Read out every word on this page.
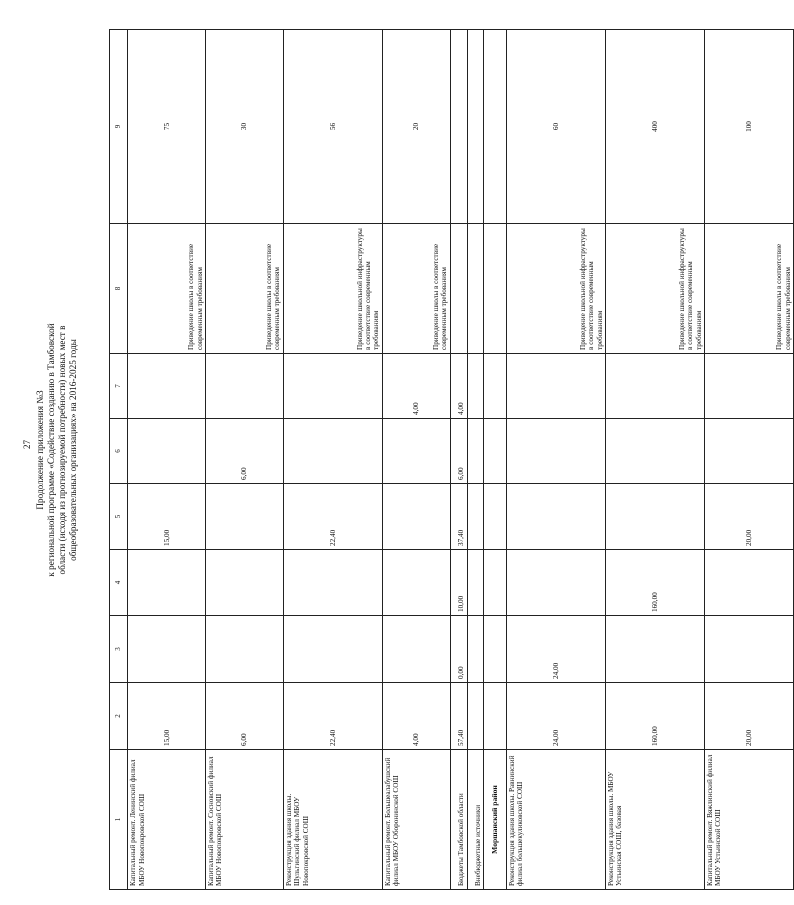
27 Продолжение приложения №3 к региональной программе «Содействие созданию в Тамбовской области (исходя из прогнозируемой потребности) новых мест в общеобразовательных организациях» на 2016-2025 годы
1	2	3	4	5	6	7	8	9
Капитальный ремонт. Ленинский филиал МБОУ Новопокровской СОШ	15,00			15,00			Приведение школы в соответствие современным требованиям	75
Капитальный ремонт. Сосновский филиал МБОУ Новопокровской СОШ	6,00				6,00		Приведение школы в соответствие современным требованиям	30
Реконструкция здания школы. Шульгинский филиал МБОУ Новопокровской СОШ	22,40			22,40			Приведение школьной инфраструктуры в соответствие современным требованиям	56
Капитальный ремонт. Большеалабушский филиал МБОУ Оборонинской СОШ	4,00					4,00	Приведение школы в соответствие современным требованиям	20
Бюджеты Тамбовской области	57,40	0,00	10,00	37,40	6,00	4,00		
Внебюджетные источники								
Моршанский район								
Реконструкция здания школы. Равнинский филиал большекуликовской СОШ	24,00	24,00					Приведение школьной инфраструктуры в соответствие современным требованиям	60
Реконструкция здания школы. МБОУ Устьинская СОШ, базовая	160,00		160,00				Приведение школьной инфраструктуры в соответствие современным требованиям	400
Капитальный ремонт. Вяжлинский филиал МБОУ Устьинской СОШ	20,00			20,00			Приведение школы в соответствие современным требованиям	100
